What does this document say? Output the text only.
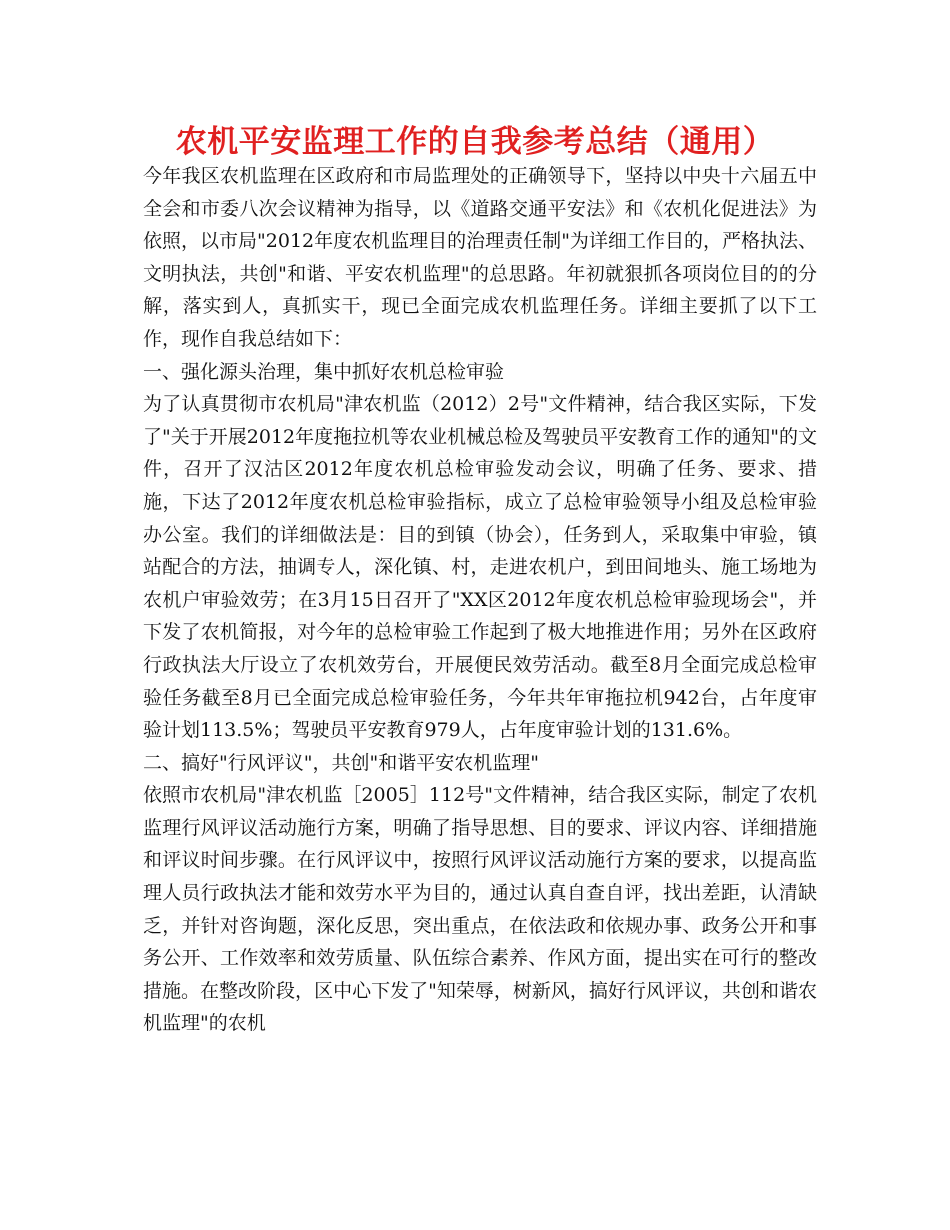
农机平安监理工作的自我参考总结（通用）

今年我区农机监理在区政府和市局监理处的正确领导下，坚持以中央十六届五中全会和市委八次会议精神为指导，以《道路交通平安法》和《农机化促进法》为依照，以市局"2012年度农机监理目的治理责任制"为详细工作目的，严格执法、文明执法，共创"和谐、平安农机监理"的总思路。年初就狠抓各项岗位目的的分解，落实到人，真抓实干，现已全面完成农机监理任务。详细主要抓了以下工作，现作自我总结如下：

一、强化源头治理，集中抓好农机总检审验

为了认真贯彻市农机局"津农机监（2012）2号"文件精神，结合我区实际，下发了"关于开展2012年度拖拉机等农业机械总检及驾驶员平安教育工作的通知"的文件，召开了汉沽区2012年度农机总检审验发动会议，明确了任务、要求、措施，下达了2012年度农机总检审验指标，成立了总检审验领导小组及总检审验办公室。我们的详细做法是：目的到镇（协会），任务到人，采取集中审验，镇站配合的方法，抽调专人，深化镇、村，走进农机户，到田间地头、施工场地为农机户审验效劳；在3月15日召开了"XX区2012年度农机总检审验现场会"，并下发了农机简报，对今年的总检审验工作起到了极大地推进作用；另外在区政府行政执法大厅设立了农机效劳台，开展便民效劳活动。截至8月全面完成总检审验任务截至8月已全面完成总检审验任务，今年共年审拖拉机942台，占年度审验计划113.5%；驾驶员平安教育979人，占年度审验计划的131.6%。

二、搞好"行风评议"，共创"和谐平安农机监理"

依照市农机局"津农机监［2005］112号"文件精神，结合我区实际，制定了农机监理行风评议活动施行方案，明确了指导思想、目的要求、评议内容、详细措施和评议时间步骤。在行风评议中，按照行风评议活动施行方案的要求，以提高监理人员行政执法才能和效劳水平为目的，通过认真自查自评，找出差距，认清缺乏，并针对咨询题，深化反思，突出重点，在依法政和依规办事、政务公开和事务公开、工作效率和效劳质量、队伍综合素养、作风方面，提出实在可行的整改措施。在整改阶段，区中心下发了"知荣辱，树新风，搞好行风评议，共创和谐农机监理"的农机
